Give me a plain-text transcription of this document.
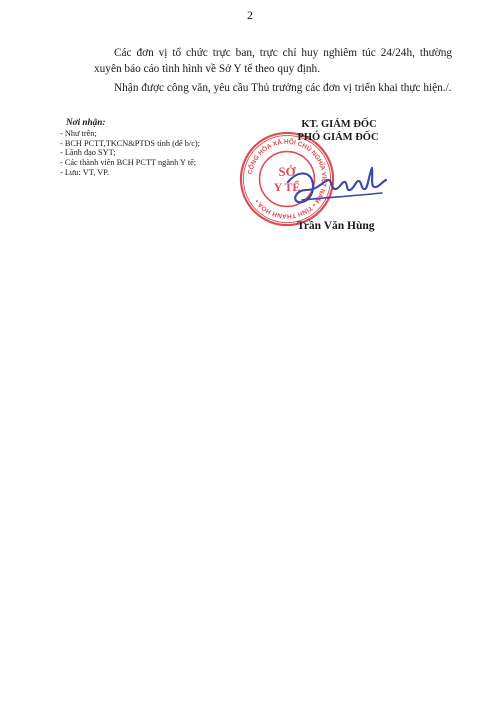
2

Các đơn vị tổ chức trực ban, trực chỉ huy nghiêm túc 24/24h, thường xuyên báo cáo tình hình về Sở Y tế theo quy định.

Nhận được công văn, yêu cầu Thủ trưởng các đơn vị triển khai thực hiện./.

Nơi nhận:
- Như trên;
- BCH PCTT,TKCN&PTDS tỉnh (để b/c);
- Lãnh đạo SYT;
- Các thành viên BCH PCTT ngành Y tế;
- Lưu: VT, VP.	CỘNG HÒA XÃ HỘI CHỦ NGHĨA VIỆT NAM • TỈNH THANH HÓA •
SỞ
Y TẾ
KT. GIÁM ĐỐC
PHÓ GIÁM ĐỐC
Trần Văn Hùng
